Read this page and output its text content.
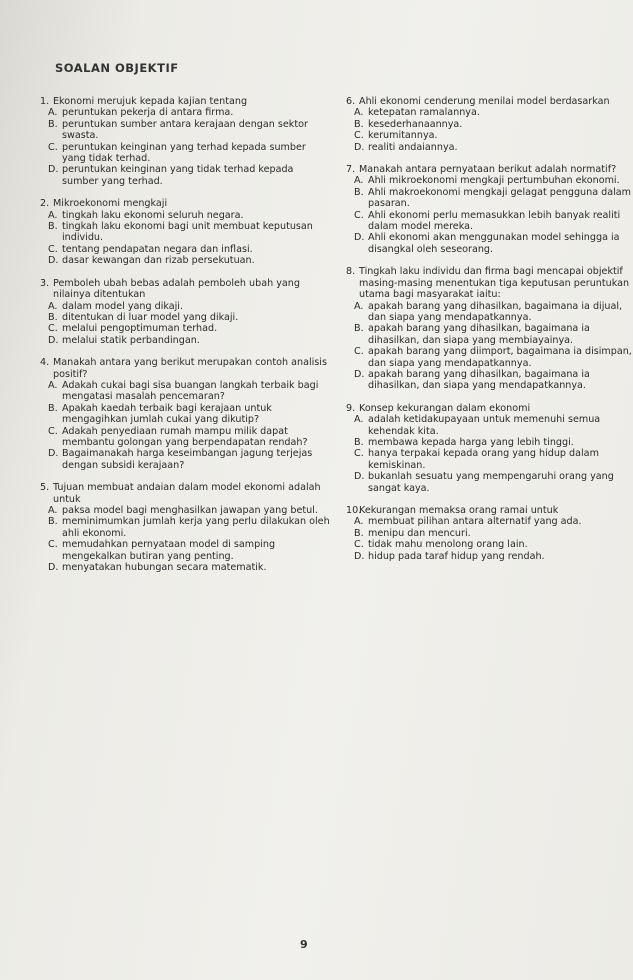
SOALAN OBJEKTIF
1. Ekonomi merujuk kepada kajian tentang
A. peruntukan pekerja di antara firma.
B. peruntukan sumber antara kerajaan dengan sektor swasta.
C. peruntukan keinginan yang terhad kepada sumber yang tidak terhad.
D. peruntukan keinginan yang tidak terhad kepada sumber yang terhad.
2. Mikroekonomi mengkaji
A. tingkah laku ekonomi seluruh negara.
B. tingkah laku ekonomi bagi unit membuat keputusan individu.
C. tentang pendapatan negara dan inflasi.
D. dasar kewangan dan rizab persekutuan.
3. Pemboleh ubah bebas adalah pemboleh ubah yang nilainya ditentukan
A. dalam model yang dikaji.
B. ditentukan di luar model yang dikaji.
C. melalui pengoptimuman terhad.
D. melalui statik perbandingan.
4. Manakah antara yang berikut merupakan contoh analisis positif?
A. Adakah cukai bagi sisa buangan langkah terbaik bagi mengatasi masalah pencemaran?
B. Apakah kaedah terbaik bagi kerajaan untuk mengagihkan jumlah cukai yang dikutip?
C. Adakah penyediaan rumah mampu milik dapat membantu golongan yang berpendapatan rendah?
D. Bagaimanakah harga keseimbangan jagung terjejas dengan subsidi kerajaan?
5. Tujuan membuat andaian dalam model ekonomi adalah untuk
A. paksa model bagi menghasilkan jawapan yang betul.
B. meminimumkan jumlah kerja yang perlu dilakukan oleh ahli ekonomi.
C. memudahkan pernyataan model di samping mengekalkan butiran yang penting.
D. menyatakan hubungan secara matematik.
6. Ahli ekonomi cenderung menilai model berdasarkan
A. ketepatan ramalannya.
B. kesederhanaannya.
C. kerumitannya.
D. realiti andaiannya.
7. Manakah antara pernyataan berikut adalah normatif?
A. Ahli mikroekonomi mengkaji pertumbuhan ekonomi.
B. Ahli makroekonomi mengkaji gelagat pengguna dalam pasaran.
C. Ahli ekonomi perlu memasukkan lebih banyak realiti dalam model mereka.
D. Ahli ekonomi akan menggunakan model sehingga ia disangkal oleh seseorang.
8. Tingkah laku individu dan firma bagi mencapai objektif masing-masing menentukan tiga keputusan peruntukan utama bagi masyarakat iaitu:
A. apakah barang yang dihasilkan, bagaimana ia dijual, dan siapa yang mendapatkannya.
B. apakah barang yang dihasilkan, bagaimana ia dihasilkan, dan siapa yang membiayainya.
C. apakah barang yang diimport, bagaimana ia disimpan, dan siapa yang mendapatkannya.
D. apakah barang yang dihasilkan, bagaimana ia dihasilkan, dan siapa yang mendapatkannya.
9. Konsep kekurangan dalam ekonomi
A. adalah ketidakupayaan untuk memenuhi semua kehendak kita.
B. membawa kepada harga yang lebih tinggi.
C. hanya terpakai kepada orang yang hidup dalam kemiskinan.
D. bukanlah sesuatu yang mempengaruhi orang yang sangat kaya.
10.
Kekurangan memaksa orang ramai untuk
A. membuat pilihan antara alternatif yang ada.
B. menipu dan mencuri.
C. tidak mahu menolong orang lain.
D. hidup pada taraf hidup yang rendah.
9
